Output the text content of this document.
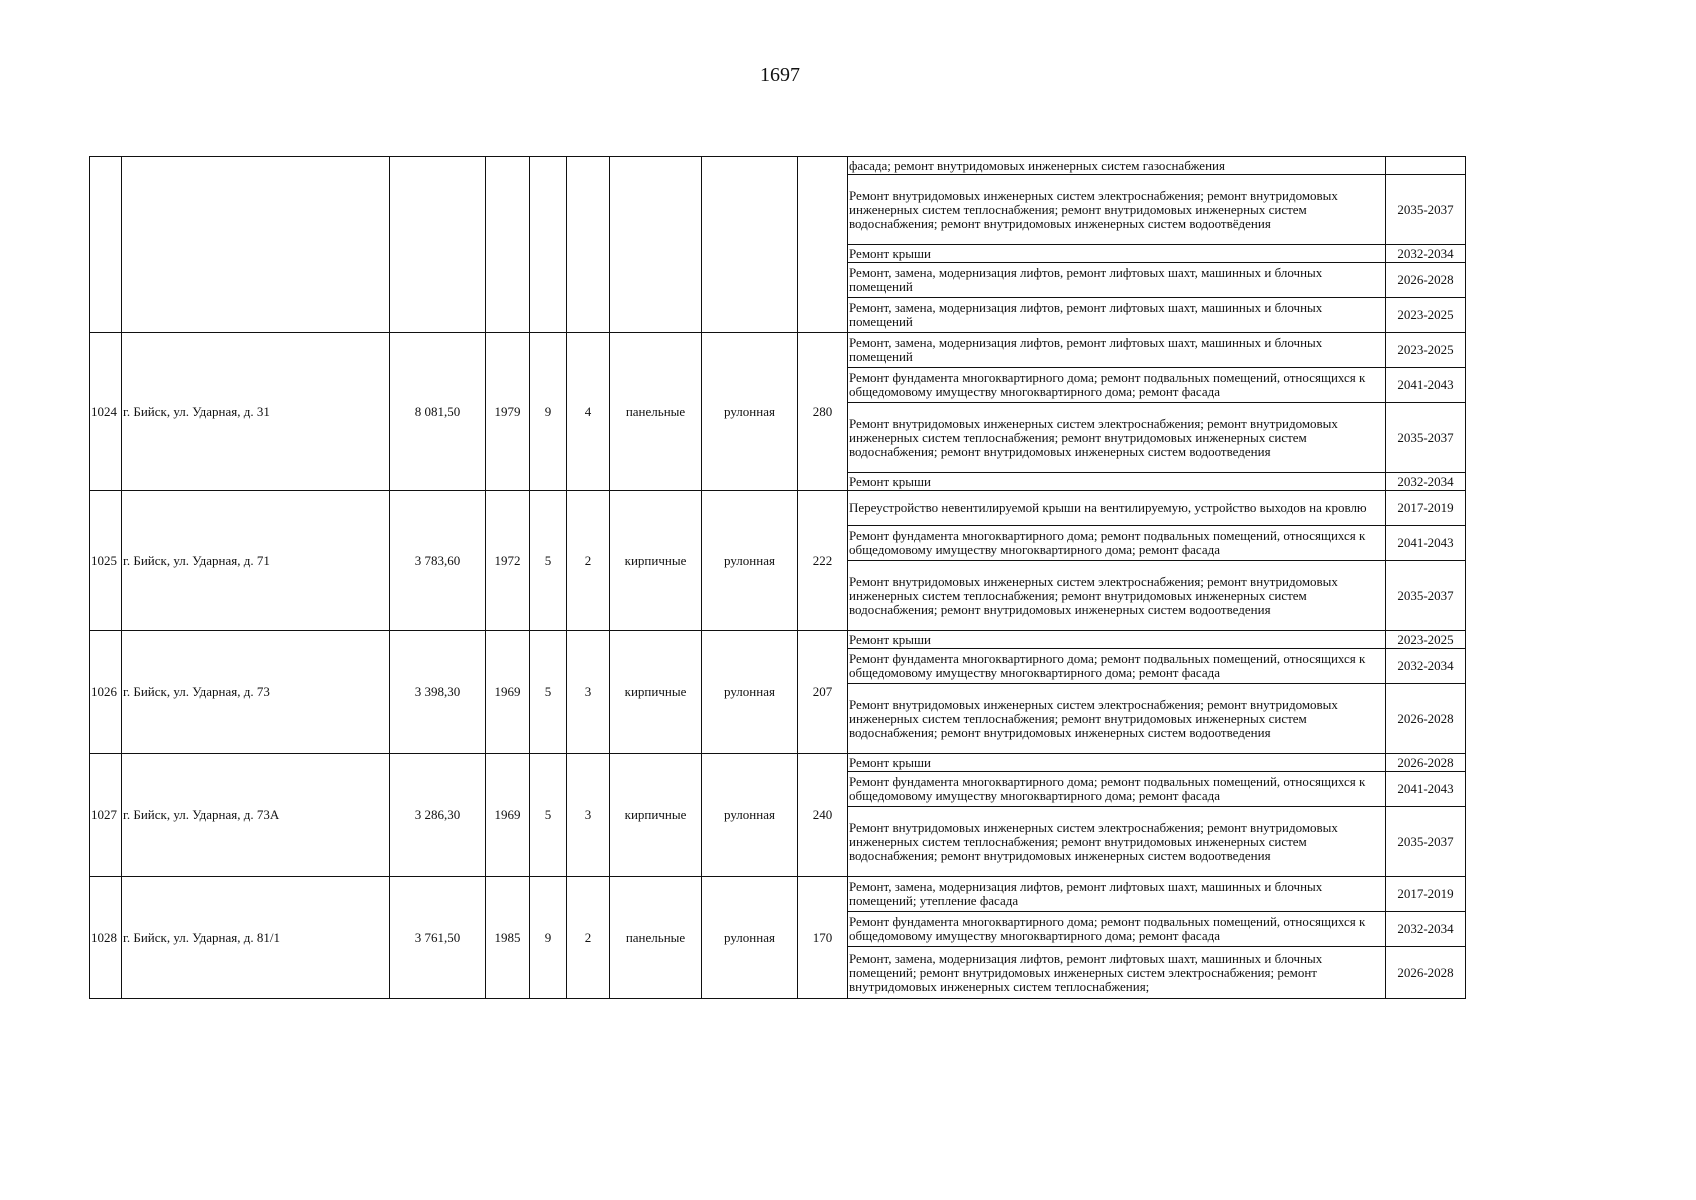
1697
									фасада; ремонт внутридомовых инженерных систем газоснабжения	
									Ремонт внутридомовых инженерных систем электроснабжения; ремонт внутридомовых инженерных систем теплоснабжения; ремонт внутридомовых инженерных систем водоснабжения; ремонт внутридомовых инженерных систем водоотвёдения	2035-2037
									Ремонт крыши	2032-2034
									Ремонт, замена, модернизация лифтов, ремонт лифтовых шахт, машинных и блочных помещений	2026-2028
									Ремонт, замена, модернизация лифтов, ремонт лифтовых шахт, машинных и блочных помещений	2023-2025
1024	г. Бийск, ул. Ударная, д. 31	8 081,50	1979	9	4	панельные	рулонная	280	Ремонт, замена, модернизация лифтов, ремонт лифтовых шахт, машинных и блочных помещений	2023-2025
									Ремонт фундамента многоквартирного дома; ремонт подвальных помещений, относящихся к общедомовому имуществу многоквартирного дома; ремонт фасада	2041-2043
									Ремонт внутридомовых инженерных систем электроснабжения; ремонт внутридомовых инженерных систем теплоснабжения; ремонт внутридомовых инженерных систем водоснабжения; ремонт внутридомовых инженерных систем водоотведения	2035-2037
									Ремонт крыши	2032-2034
1025	г. Бийск, ул. Ударная, д. 71	3 783,60	1972	5	2	кирпичные	рулонная	222	Переустройство невентилируемой крыши на вентилируемую, устройство выходов на кровлю	2017-2019
									Ремонт фундамента многоквартирного дома; ремонт подвальных помещений, относящихся к общедомовому имуществу многоквартирного дома; ремонт фасада	2041-2043
									Ремонт внутридомовых инженерных систем электроснабжения; ремонт внутридомовых инженерных систем теплоснабжения; ремонт внутридомовых инженерных систем водоснабжения; ремонт внутридомовых инженерных систем водоотведения	2035-2037
1026	г. Бийск, ул. Ударная, д. 73	3 398,30	1969	5	3	кирпичные	рулонная	207	Ремонт крыши	2023-2025
									Ремонт фундамента многоквартирного дома; ремонт подвальных помещений, относящихся к общедомовому имуществу многоквартирного дома; ремонт фасада	2032-2034
									Ремонт внутридомовых инженерных систем электроснабжения; ремонт внутридомовых инженерных систем теплоснабжения; ремонт внутридомовых инженерных систем водоснабжения; ремонт внутридомовых инженерных систем водоотведения	2026-2028
1027	г. Бийск, ул. Ударная, д. 73А	3 286,30	1969	5	3	кирпичные	рулонная	240	Ремонт крыши	2026-2028
									Ремонт фундамента многоквартирного дома; ремонт подвальных помещений, относящихся к общедомовому имуществу многоквартирного дома; ремонт фасада	2041-2043
									Ремонт внутридомовых инженерных систем электроснабжения; ремонт внутридомовых инженерных систем теплоснабжения; ремонт внутридомовых инженерных систем водоснабжения; ремонт внутридомовых инженерных систем водоотведения	2035-2037
1028	г. Бийск, ул. Ударная, д. 81/1	3 761,50	1985	9	2	панельные	рулонная	170	Ремонт, замена, модернизация лифтов, ремонт лифтовых шахт, машинных и блочных помещений; утепление фасада	2017-2019
									Ремонт фундамента многоквартирного дома; ремонт подвальных помещений, относящихся к общедомовому имуществу многоквартирного дома; ремонт фасада	2032-2034
									Ремонт, замена, модернизация лифтов, ремонт лифтовых шахт, машинных и блочных помещений; ремонт внутридомовых инженерных систем электроснабжения; ремонт внутридомовых инженерных систем теплоснабжения;	2026-2028
